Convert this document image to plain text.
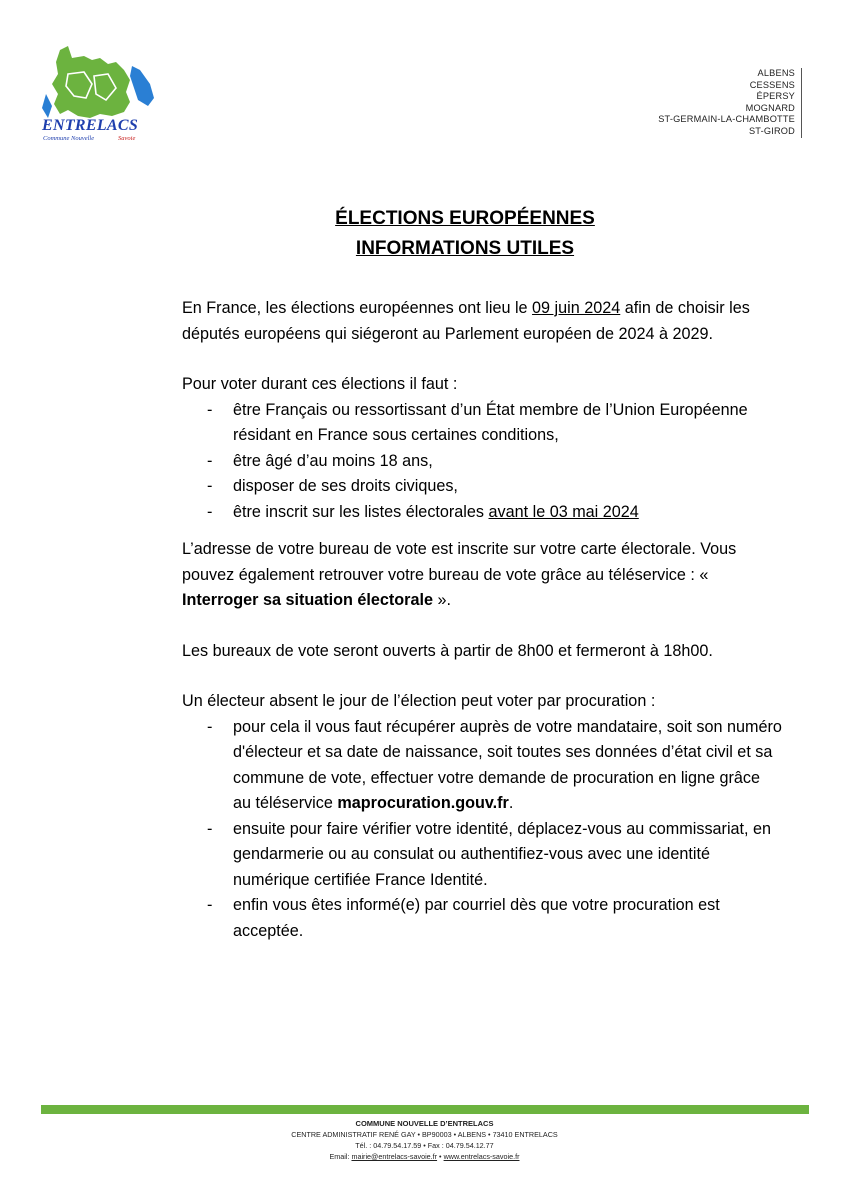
ENTRELACS
Commune Nouvelle	Savoie
ALBENS
CESSENS
ÉPERSY
MOGNARD
ST-GERMAIN-LA-CHAMBOTTE
ST-GIROD
ÉLECTIONS EUROPÉENNES
INFORMATIONS UTILES

En France, les élections européennes ont lieu le 09 juin 2024 afin de choisir les députés européens qui siégeront au Parlement européen de 2024 à 2029.

Pour voter durant ces élections il faut :

- être Français ou ressortissant d’un État membre de l’Union Européenne résidant en France sous certaines conditions,
- être âgé d’au moins 18 ans,
- disposer de ses droits civiques,
- être inscrit sur les listes électorales avant le 03 mai 2024

L’adresse de votre bureau de vote est inscrite sur votre carte électorale. Vous pouvez également retrouver votre bureau de vote grâce au téléservice : « Interroger sa situation électorale ».

Les bureaux de vote seront ouverts à partir de 8h00 et fermeront à 18h00.

Un électeur absent le jour de l’élection peut voter par procuration :

- pour cela il vous faut récupérer auprès de votre mandataire, soit son numéro d'électeur et sa date de naissance, soit toutes ses données d’état civil et sa commune de vote, effectuer votre demande de procuration en ligne grâce au téléservice maprocuration.gouv.fr.
- ensuite pour faire vérifier votre identité, déplacez-vous au commissariat, en gendarmerie ou au consulat ou authentifiez-vous avec une identité numérique certifiée France Identité.
- enfin vous êtes informé(e) par courriel dès que votre procuration est acceptée.
COMMUNE NOUVELLE D’ENTRELACS
CENTRE ADMINISTRATIF RENÉ GAY • BP90003 • ALBENS • 73410 ENTRELACS
Tél. : 04.79.54.17.59 • Fax : 04.79.54.12.77
Email: mairie@entrelacs-savoie.fr • www.entrelacs-savoie.fr
